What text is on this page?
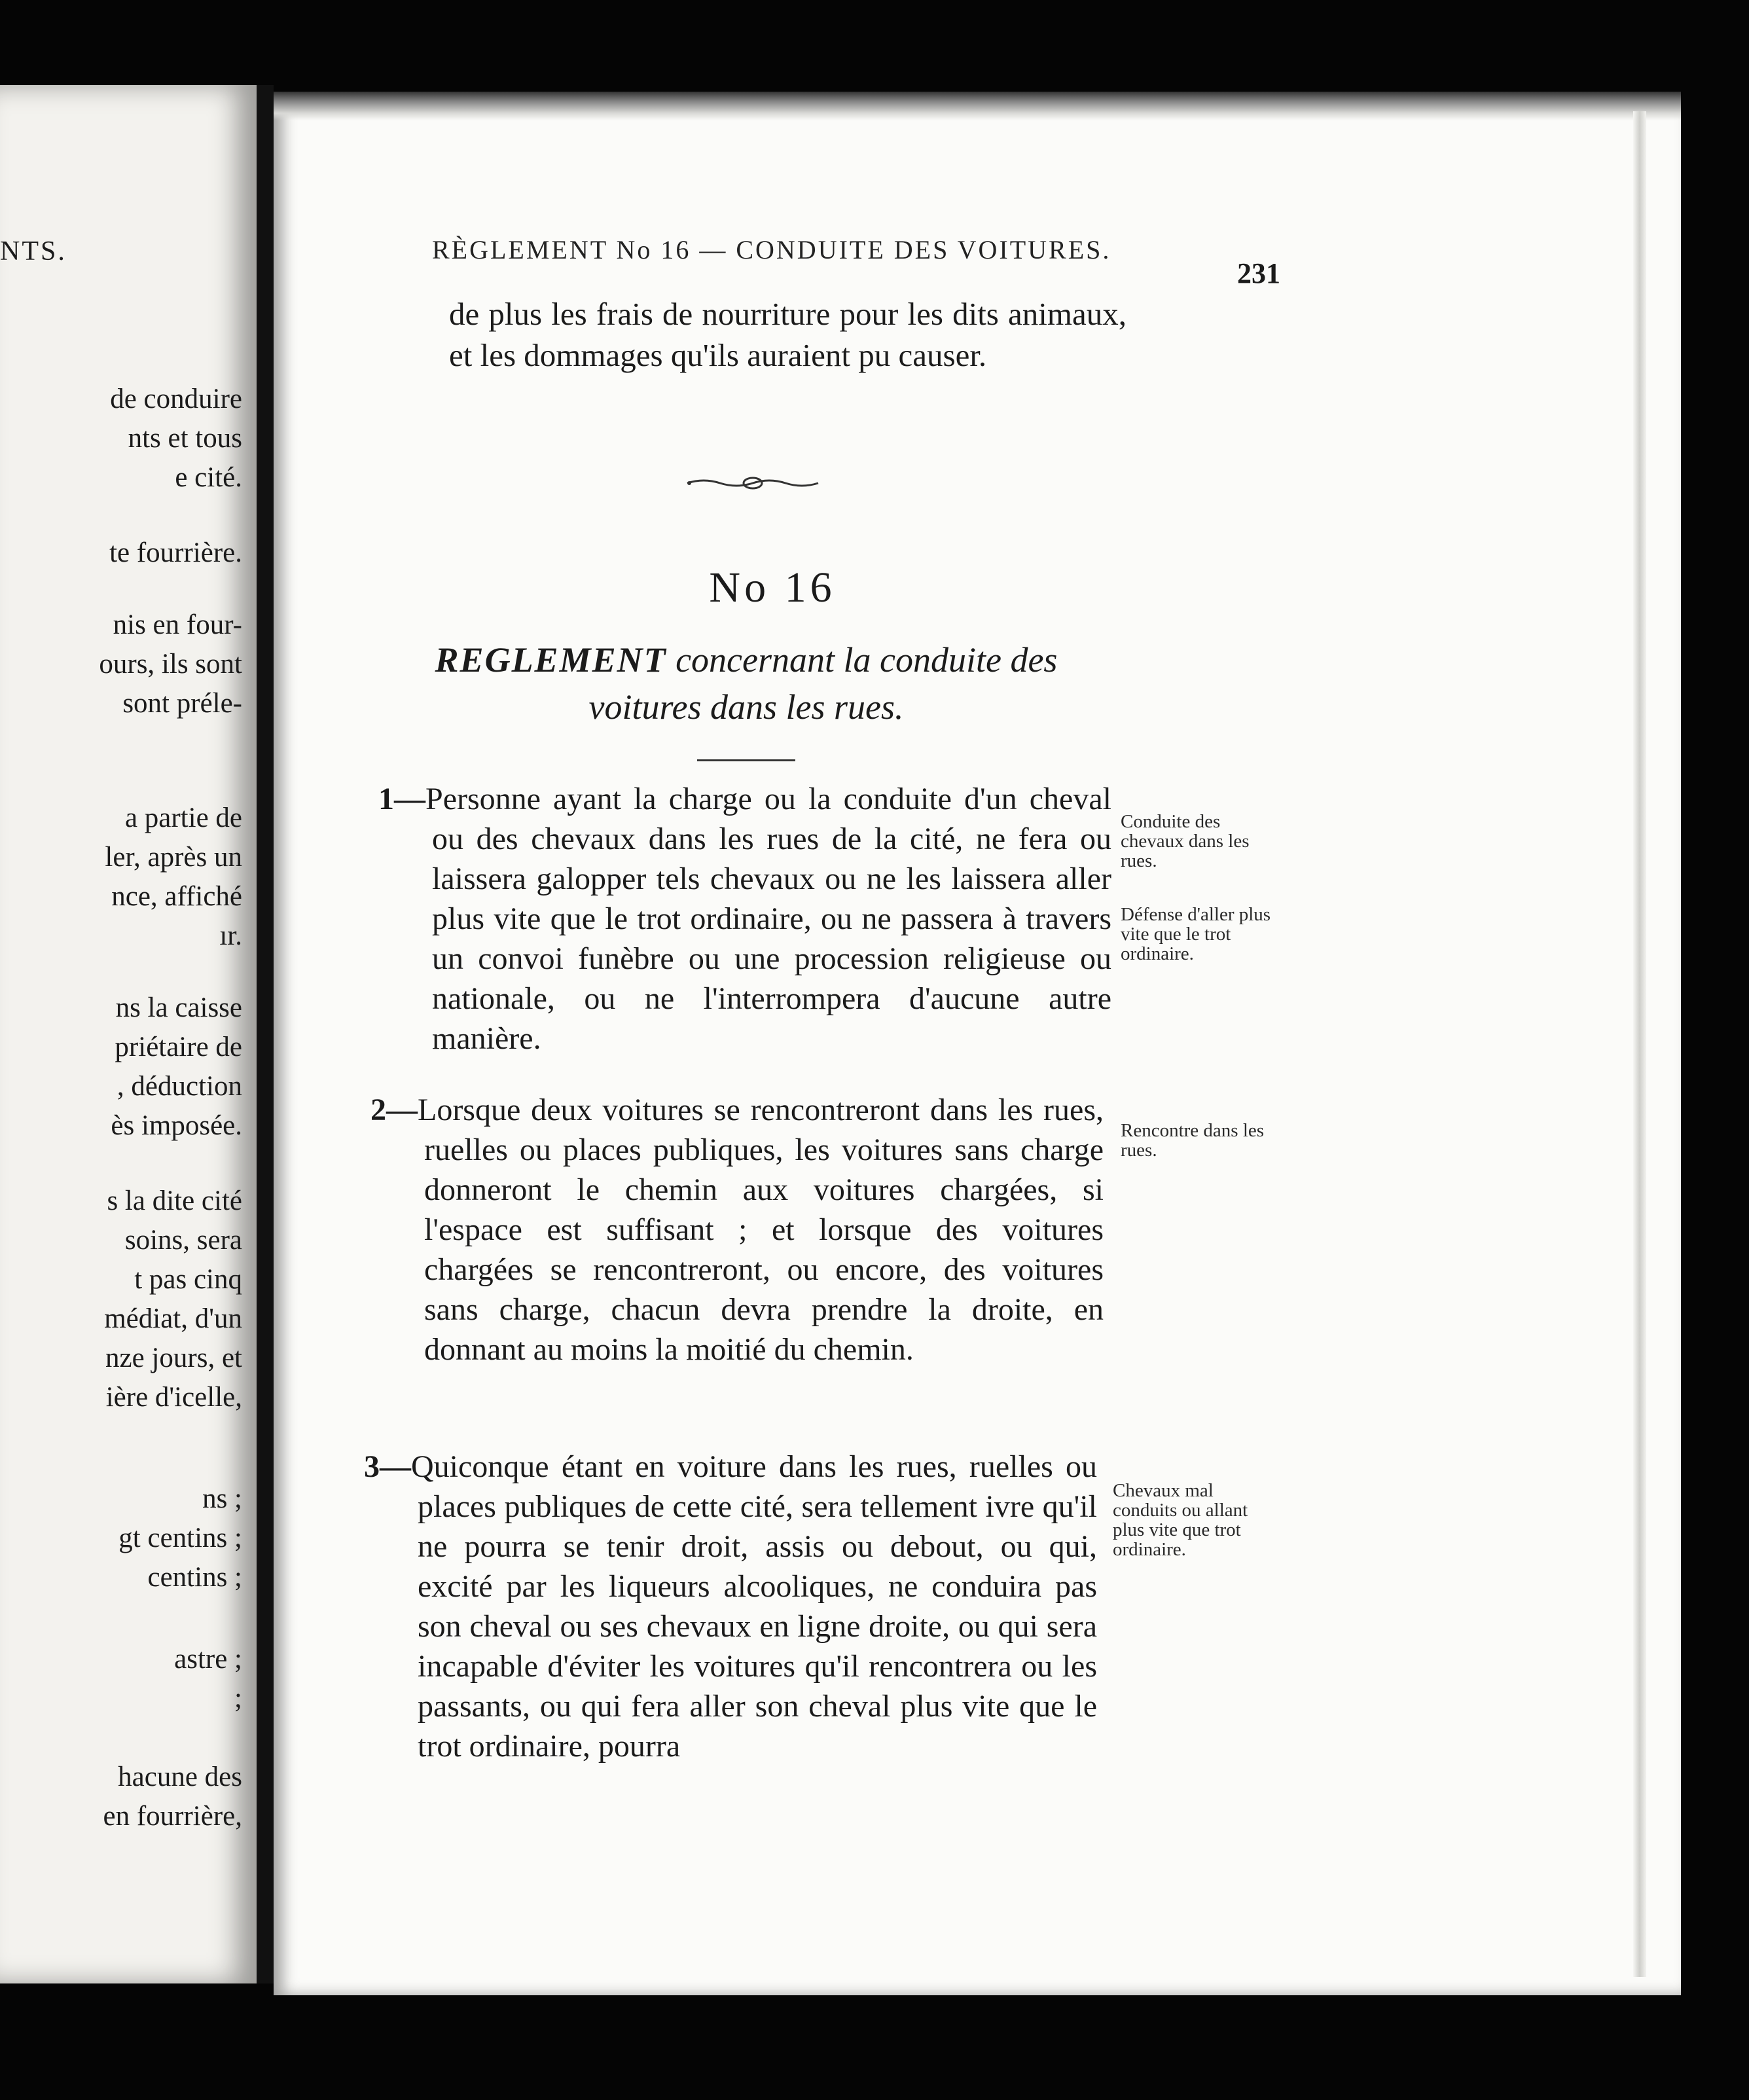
NTS.
de conduire
nts et tous
e cité.
te fourrière.
nis en four-
ours, ils sont
sont préle-
a partie de
ler, après un
nce, affiché
ır.
ns la caisse
priétaire de
, déduction
ès imposée.
s la dite cité
soins, sera
t pas cinq
médiat, d'un
nze jours, et
ière d'icelle,
ns ;
gt centins ;
centins ;
astre ;
;
hacune des
en fourrière,
RÈGLEMENT No 16 — CONDUITE DES VOITURES.
231
de plus les frais de nourriture pour les dits animaux, et les dommages qu'ils auraient pu causer.
No 16
REGLEMENT concernant la conduite des voitures dans les rues.
1—Personne ayant la charge ou la conduite d'un cheval ou des chevaux dans les rues de la cité, ne fera ou laissera galopper tels chevaux ou ne les laissera aller plus vite que le trot ordinaire, ou ne passera à travers un convoi funèbre ou une procession religieuse ou nationale, ou ne l'interrompera d'aucune autre manière.
Conduite des chevaux dans les rues.
Défense d'aller plus vite que le trot ordinaire.
2—Lorsque deux voitures se rencontreront dans les rues, ruelles ou places publiques, les voitures sans charge donneront le chemin aux voitures chargées, si l'espace est suffisant ; et lorsque des voitures chargées se rencontreront, ou encore, des voitures sans charge, chacun devra prendre la droite, en donnant au moins la moitié du chemin.
Rencontre dans les rues.
3—Quiconque étant en voiture dans les rues, ruelles ou places publiques de cette cité, sera tellement ivre qu'il ne pourra se tenir droit, assis ou debout, ou qui, excité par les liqueurs alcooliques, ne conduira pas son cheval ou ses chevaux en ligne droite, ou qui sera incapable d'éviter les voitures qu'il rencontrera ou les passants, ou qui fera aller son cheval plus vite que le trot ordinaire, pourra
Chevaux mal conduits ou allant plus vite que trot ordinaire.
